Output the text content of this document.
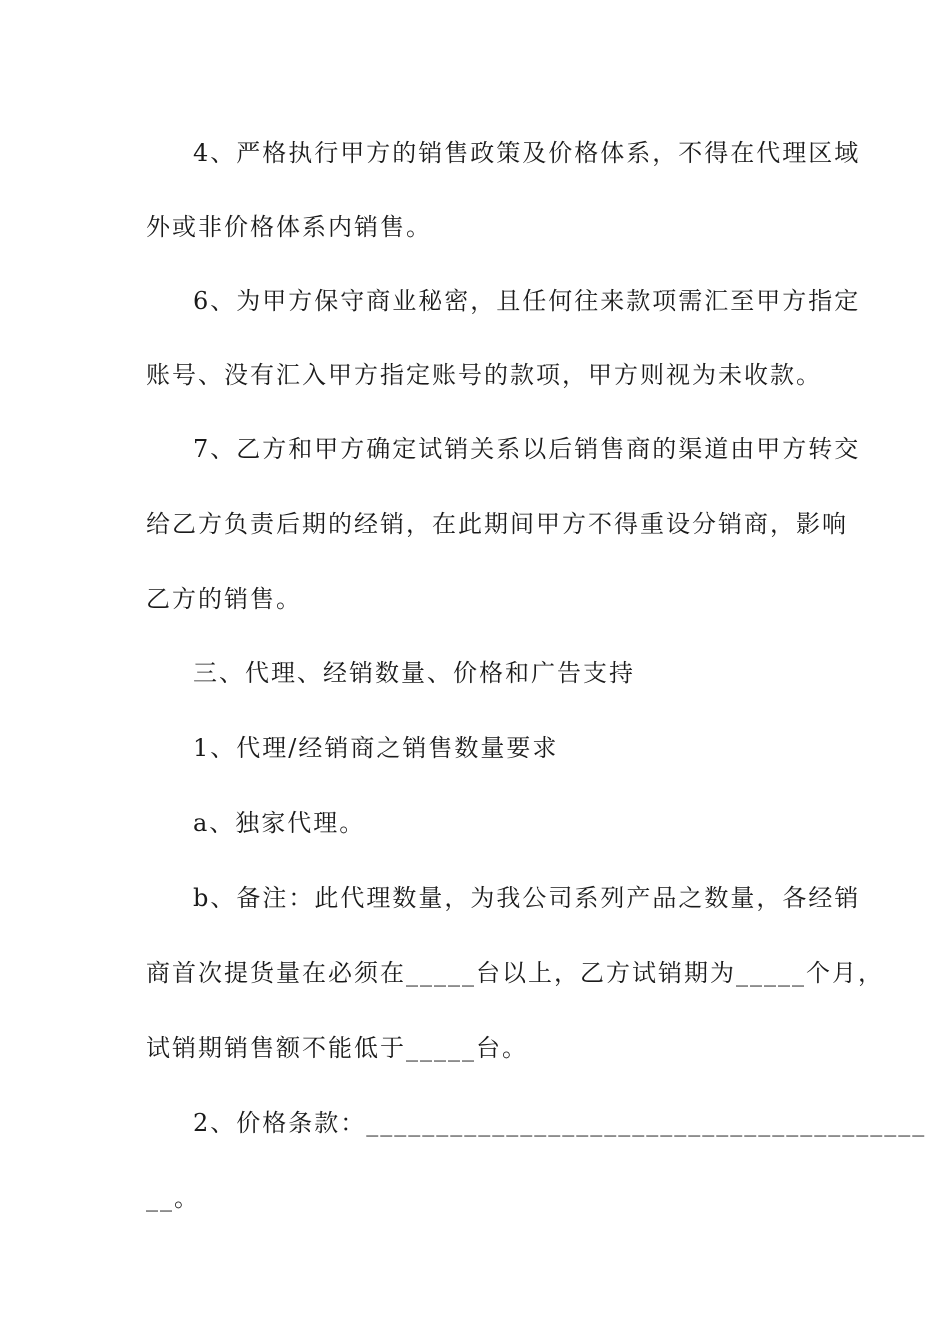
4、严格执行甲方的销售政策及价格体系，不得在代理区域
外或非价格体系内销售。
6、为甲方保守商业秘密，且任何往来款项需汇至甲方指定
账号、没有汇入甲方指定账号的款项，甲方则视为未收款。
7、乙方和甲方确定试销关系以后销售商的渠道由甲方转交
给乙方负责后期的经销，在此期间甲方不得重设分销商，影响
乙方的销售。
三、代理、经销数量、价格和广告支持
1、代理/经销商之销售数量要求
a、独家代理。
b、备注：此代理数量，为我公司系列产品之数量，各经销
商首次提货量在必须在_____台以上，乙方试销期为_____个月，
试销期销售额不能低于_____台。
2、价格条款：________________________________________
__。
